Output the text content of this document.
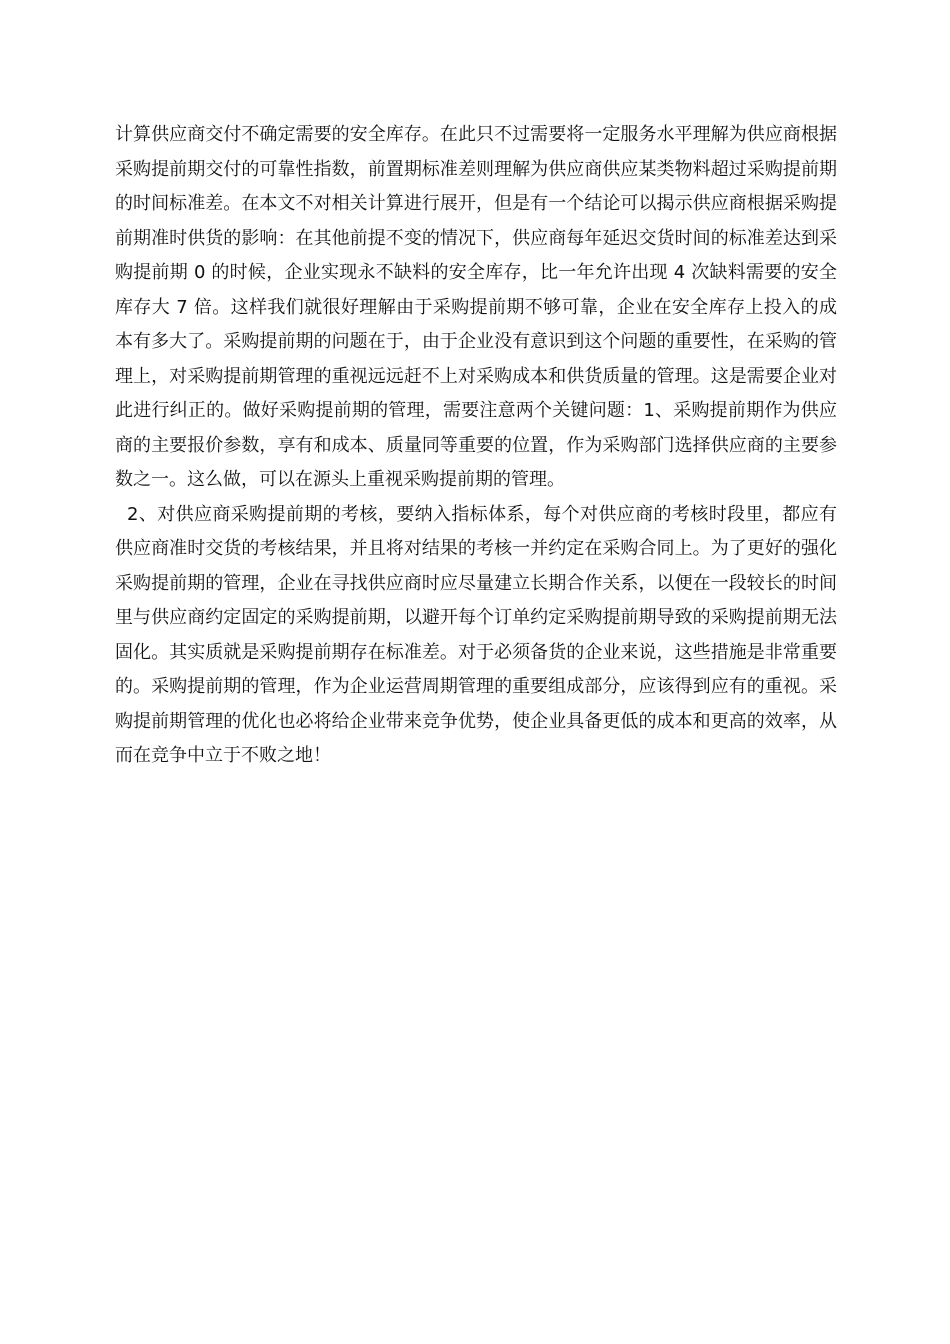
计算供应商交付不确定需要的安全库存。在此只不过需要将一定服务水平理解为供应商根据采购提前期交付的可靠性指数，前置期标准差则理解为供应商供应某类物料超过采购提前期的时间标准差。在本文不对相关计算进行展开，但是有一个结论可以揭示供应商根据采购提前期准时供货的影响：在其他前提不变的情况下，供应商每年延迟交货时间的标准差达到采购提前期 0 的时候，企业实现永不缺料的安全库存，比一年允许出现 4 次缺料需要的安全库存大 7 倍。这样我们就很好理解由于采购提前期不够可靠，企业在安全库存上投入的成本有多大了。采购提前期的问题在于，由于企业没有意识到这个问题的重要性，在采购的管理上，对采购提前期管理的重视远远赶不上对采购成本和供货质量的管理。这是需要企业对此进行纠正的。做好采购提前期的管理，需要注意两个关键问题：1、采购提前期作为供应商的主要报价参数，享有和成本、质量同等重要的位置，作为采购部门选择供应商的主要参数之一。这么做，可以在源头上重视采购提前期的管理。

2、对供应商采购提前期的考核，要纳入指标体系，每个对供应商的考核时段里，都应有供应商准时交货的考核结果，并且将对结果的考核一并约定在采购合同上。为了更好的强化采购提前期的管理，企业在寻找供应商时应尽量建立长期合作关系，以便在一段较长的时间里与供应商约定固定的采购提前期，以避开每个订单约定采购提前期导致的采购提前期无法固化。其实质就是采购提前期存在标准差。对于必须备货的企业来说，这些措施是非常重要的。采购提前期的管理，作为企业运营周期管理的重要组成部分，应该得到应有的重视。采购提前期管理的优化也必将给企业带来竞争优势，使企业具备更低的成本和更高的效率，从而在竞争中立于不败之地！
